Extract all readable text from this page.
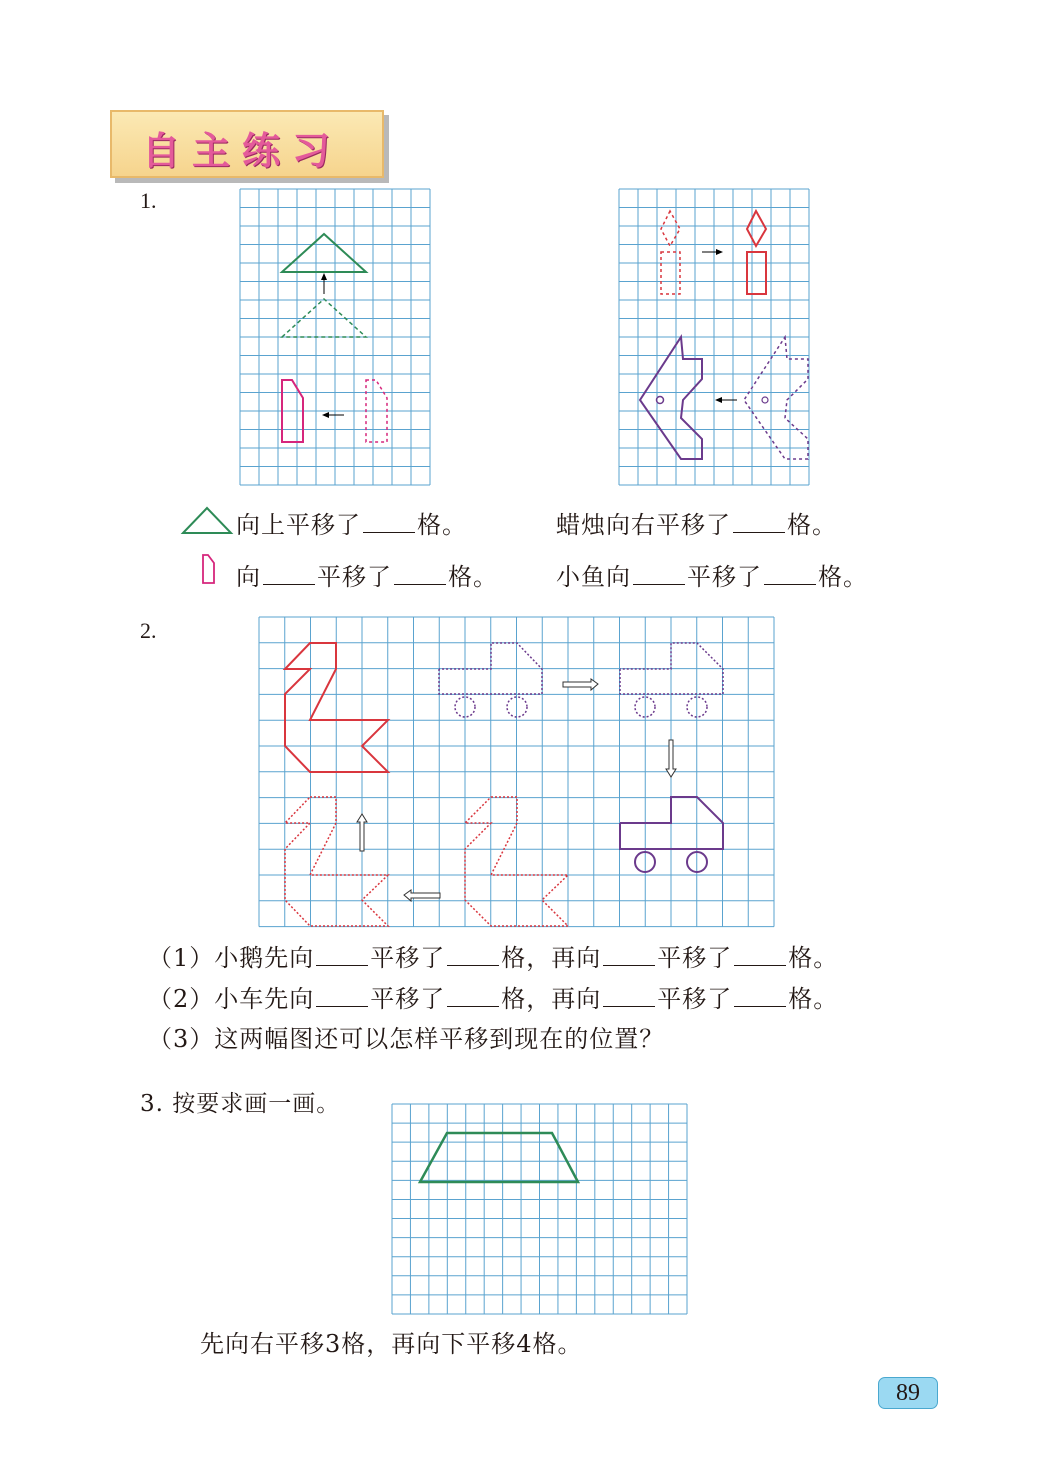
自主练习
1.
向上平移了 格。	蜡烛向右平移了 格。
向 平移了 格。 小鱼向 平移了 格。
2.
（1）小鹅先向 平移了 格，再向 平移了 格。
（2）小车先向 平移了 格，再向 平移了 格。
（3）这两幅图还可以怎样平移到现在的位置？
3. 按要求画一画。
先向右平移3格，再向下平移4格。
89
